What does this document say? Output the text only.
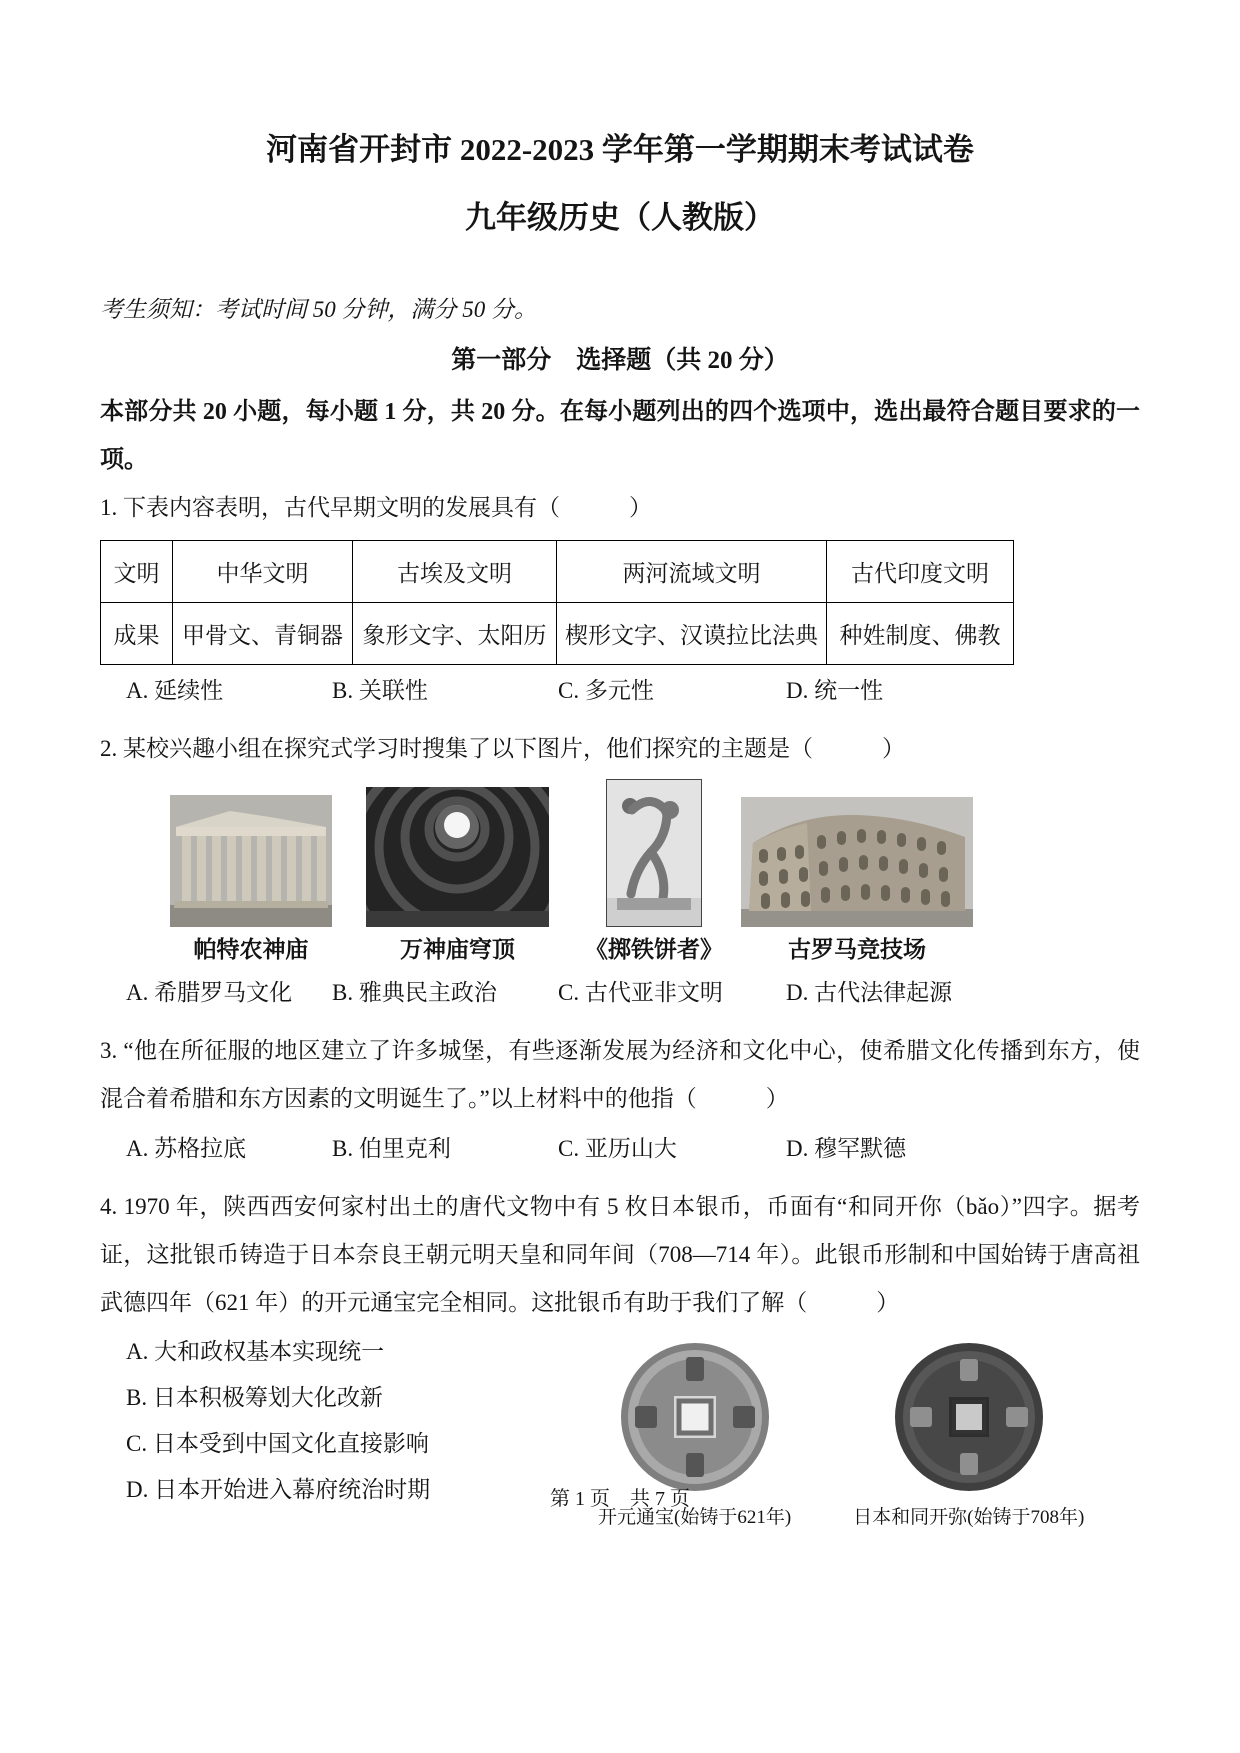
河南省开封市 2022-2023 学年第一学期期末考试试卷
九年级历史（人教版）
考生须知：考试时间 50 分钟，满分 50 分。
第一部分　选择题（共 20 分）
本部分共 20 小题，每小题 1 分，共 20 分。在每小题列出的四个选项中，选出最符合题目要求的一项。
1. 下表内容表明，古代早期文明的发展具有（　　　）
文明	中华文明	古埃及文明	两河流域文明	古代印度文明
成果	甲骨文、青铜器	象形文字、太阳历	楔形文字、汉谟拉比法典	种姓制度、佛教
A. 延续性	B. 关联性	C. 多元性	D. 统一性
2. 某校兴趣小组在探究式学习时搜集了以下图片，他们探究的主题是（　　　）
帕特农神庙	万神庙穹顶	《掷铁饼者》	古罗马竞技场
A. 希腊罗马文化	B. 雅典民主政治	C. 古代亚非文明	D. 古代法律起源
3. “他在所征服的地区建立了许多城堡，有些逐渐发展为经济和文化中心，使希腊文化传播到东方，使混合着希腊和东方因素的文明诞生了。”以上材料中的他指（　　　）
A. 苏格拉底	B. 伯里克利	C. 亚历山大	D. 穆罕默德
4. 1970 年，陕西西安何家村出土的唐代文物中有 5 枚日本银币，币面有“和同开你（bǎo）”四字。据考证，这批银币铸造于日本奈良王朝元明天皇和同年间（708—714 年）。此银币形制和中国始铸于唐高祖武德四年（621 年）的开元通宝完全相同。这批银币有助于我们了解（　　　）
A. 大和政权基本实现统一
B. 日本积极筹划大化改新
C. 日本受到中国文化直接影响
D. 日本开始进入幕府统治时期
开元通宝(始铸于621年)	日本和同开弥(始铸于708年)
第 1 页　共 7 页
